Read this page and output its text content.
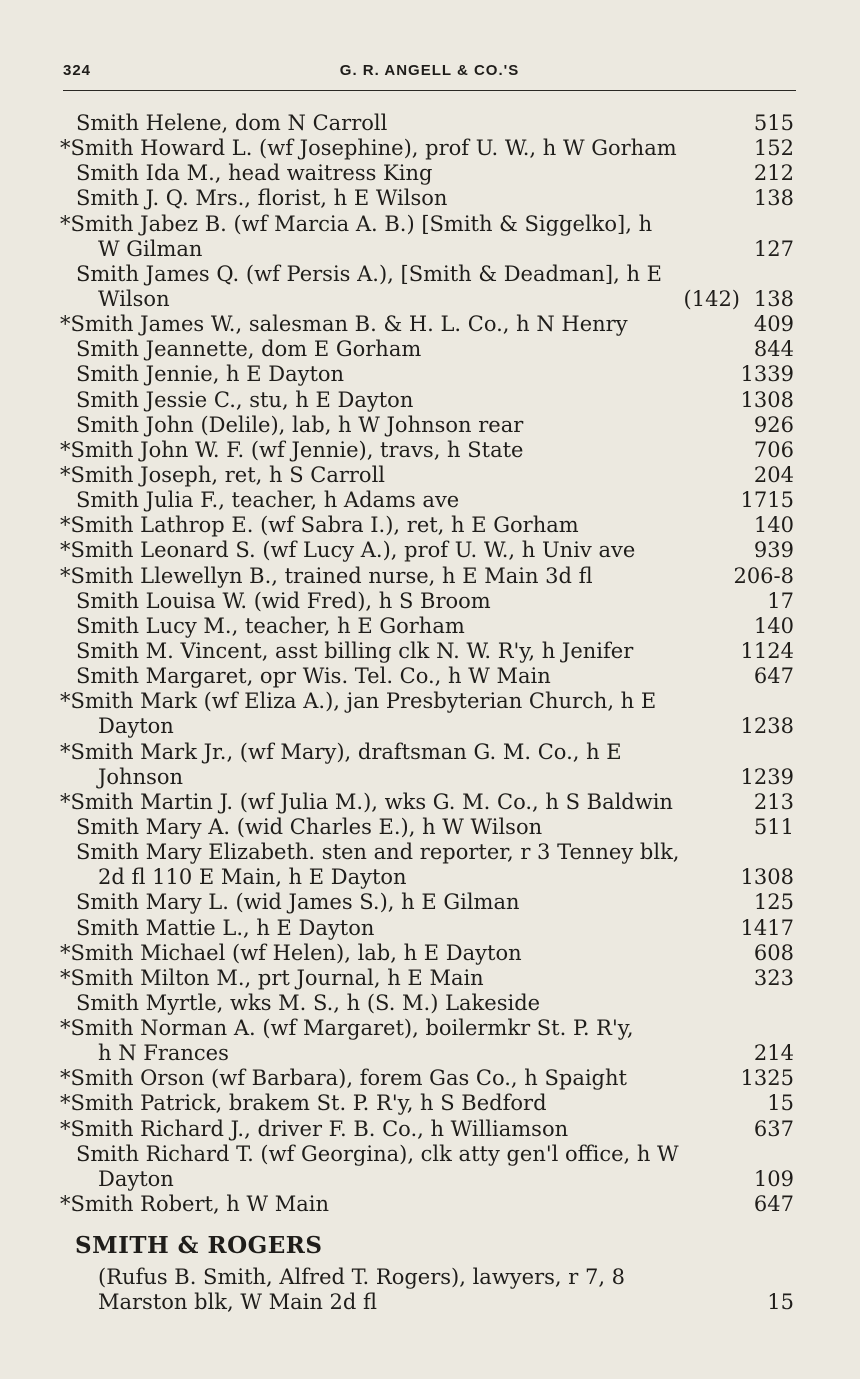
324	G. R. ANGELL & CO.'S
Smith Helene, dom N Carroll	515
*Smith Howard L. (wf Josephine), prof U. W., h W Gorham	152
Smith Ida M., head waitress King	212
Smith J. Q. Mrs., florist, h E Wilson	138
*Smith Jabez B. (wf Marcia A. B.) [Smith & Siggelko], h
W Gilman	127
Smith James Q. (wf Persis A.), [Smith & Deadman], h E
Wilson	(142) 138
*Smith James W., salesman B. & H. L. Co., h N Henry	409
Smith Jeannette, dom E Gorham	844
Smith Jennie, h E Dayton	1339
Smith Jessie C., stu, h E Dayton	1308
Smith John (Delile), lab, h W Johnson rear	926
*Smith John W. F. (wf Jennie), travs, h State	706
*Smith Joseph, ret, h S Carroll	204
Smith Julia F., teacher, h Adams ave	1715
*Smith Lathrop E. (wf Sabra I.), ret, h E Gorham	140
*Smith Leonard S. (wf Lucy A.), prof U. W., h Univ ave	939
*Smith Llewellyn B., trained nurse, h E Main 3d fl	206-8
Smith Louisa W. (wid Fred), h S Broom	17
Smith Lucy M., teacher, h E Gorham	140
Smith M. Vincent, asst billing clk N. W. R'y, h Jenifer	1124
Smith Margaret, opr Wis. Tel. Co., h W Main	647
*Smith Mark (wf Eliza A.), jan Presbyterian Church, h E
Dayton	1238
*Smith Mark Jr., (wf Mary), draftsman G. M. Co., h E
Johnson	1239
*Smith Martin J. (wf Julia M.), wks G. M. Co., h S Baldwin	213
Smith Mary A. (wid Charles E.), h W Wilson	511
Smith Mary Elizabeth. sten and reporter, r 3 Tenney blk,
2d fl 110 E Main, h E Dayton	1308
Smith Mary L. (wid James S.), h E Gilman	125
Smith Mattie L., h E Dayton	1417
*Smith Michael (wf Helen), lab, h E Dayton	608
*Smith Milton M., prt Journal, h E Main	323
Smith Myrtle, wks M. S., h (S. M.) Lakeside
*Smith Norman A. (wf Margaret), boilermkr St. P. R'y,
h N Frances	214
*Smith Orson (wf Barbara), forem Gas Co., h Spaight	1325
*Smith Patrick, brakem St. P. R'y, h S Bedford	15
*Smith Richard J., driver F. B. Co., h Williamson	637
Smith Richard T. (wf Georgina), clk atty gen'l office, h W
Dayton	109
*Smith Robert, h W Main	647
SMITH & ROGERS
(Rufus B. Smith, Alfred T. Rogers), lawyers, r 7, 8
Marston blk, W Main 2d fl	15
